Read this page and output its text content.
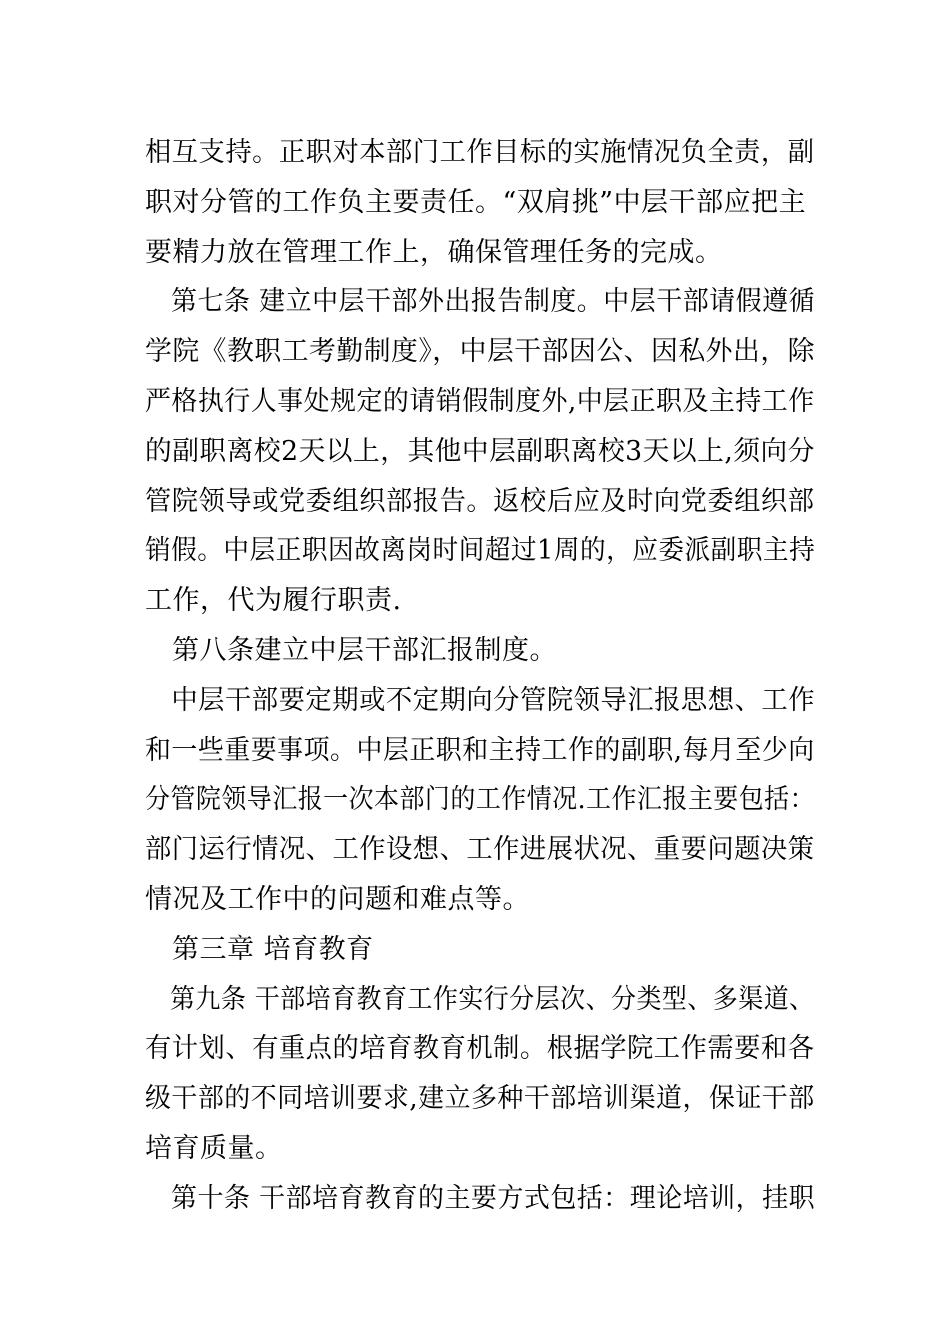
相互支持。正职对本部门工作目标的实施情况负全责，副
职对分管的工作负主要责任。“双肩挑”中层干部应把主
要精力放在管理工作上，确保管理任务的完成。
第七条 建立中层干部外出报告制度。中层干部请假遵循
学院《教职工考勤制度》，中层干部因公、因私外出，除
严格执行人事处规定的请销假制度外,中层正职及主持工作
的副职离校2天以上，其他中层副职离校3天以上,须向分
管院领导或党委组织部报告。返校后应及时向党委组织部
销假。中层正职因故离岗时间超过1周的，应委派副职主持
工作，代为履行职责.
第八条建立中层干部汇报制度。
中层干部要定期或不定期向分管院领导汇报思想、工作
和一些重要事项。中层正职和主持工作的副职,每月至少向
分管院领导汇报一次本部门的工作情况.工作汇报主要包括：
部门运行情况、工作设想、工作进展状况、重要问题决策
情况及工作中的问题和难点等。
第三章 培育教育
第九条 干部培育教育工作实行分层次、分类型、多渠道、
有计划、有重点的培育教育机制。根据学院工作需要和各
级干部的不同培训要求,建立多种干部培训渠道，保证干部
培育质量。
第十条 干部培育教育的主要方式包括：理论培训，挂职
